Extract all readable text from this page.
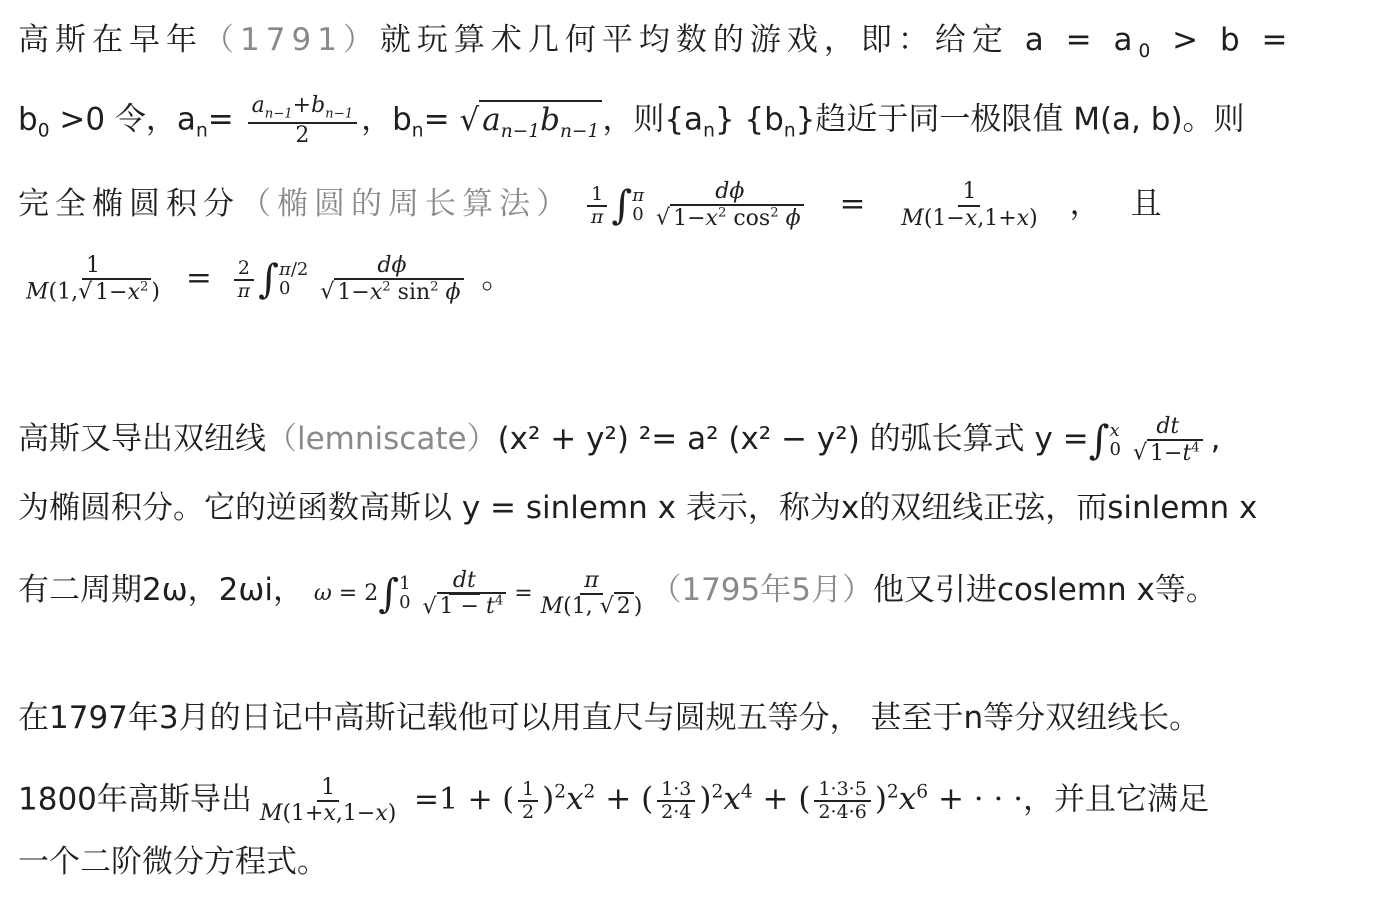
高斯在早年（1791）就玩算术几何平均数的游戏，即：给定 $a = a_0 > b$ =
$b_0 >0$ 令，$a_n= \frac{a_{n-1}+b_{n-1}}{2}$ ，$b_n= √a_{n-1}b_{n-1}$，则$\{a_n\}$ $\{b_n\}$趋近于同一极限值 M(a, b)。则
完全椭圆积分（椭圆的周长算法） $\frac{1}{\pi}$ ∫ π
$0 \frac{d\phi}{√ 1-x^2 \cos^2 \phi} = \frac{1}{M(1-x,1+x)}$ ，且
$\frac{1}{M(1,√ 1-x^2 )} = \frac{2}{\pi}$ ∫ π/2
0	$\frac{d\phi}{√ 1-x^2 \sin^2 \phi}$ 。
高斯又导出双纽线（lemniscate）(x² + y²) ²= a² (x² − y²) 的弧长算式 y =∫ x
$0 \frac{dt}{√ 1-t^4}$ ,
为椭圆积分。它的逆函数高斯以 y = sinlemn x 表示，称为x的双纽线正弦，而sinlemn x
有二周期2ω，2ωi， ω = 2∫ 1
$0 \frac{dt}{√ 1 - t^4} = \frac{\pi}{M(1, √ 2 )} (1795$年5月）他又引进coslemn x等。
在1797年3月的日记中高斯记载他可以用直尺与圆规五等分， 甚至于n等分双纽线长。
1800年高斯导出 $\frac{1}{M(1+x,1-x)} =1$ + ( $\frac{1}{2} )^2x^2$ + ( $\frac{1\cdot 3}{2\cdot 4} )^2x^4$ + ( $\frac{1\cdot 3\cdot 5}{2\cdot 4\cdot 6} )^2x^6$ + · · ·，并且它满足
一个二阶微分方程式。
